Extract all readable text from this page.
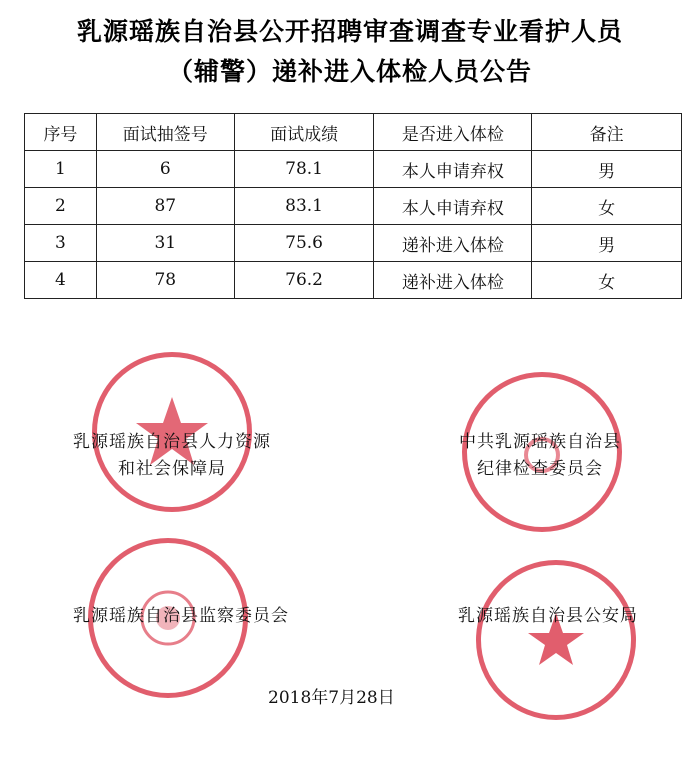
乳源瑶族自治县公开招聘审查调查专业看护人员
（辅警）递补进入体检人员公告
序号	面试抽签号	面试成绩	是否进入体检	备注
1	6	78.1	本人申请弃权	男
2	87	83.1	本人申请弃权	女
3	31	75.6	递补进入体检	男
4	78	76.2	递补进入体检	女
乳源瑶族自治县人力资源
和社会保障局
中共乳源瑶族自治县
纪律检查委员会
乳源瑶族自治县监察委员会	乳源瑶族自治县公安局
2018年7月28日
